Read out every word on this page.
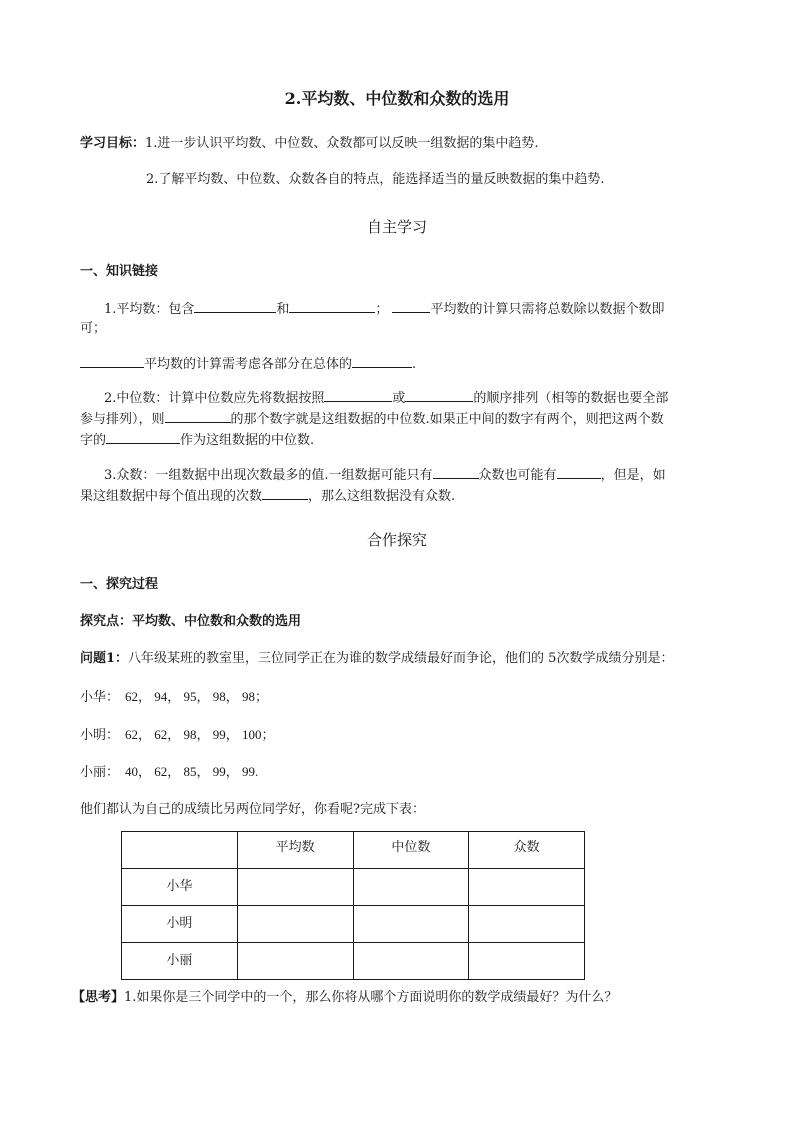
2.平均数、中位数和众数的选用
学习目标：1.进一步认识平均数、中位数、众数都可以反映一组数据的集中趋势.
2.了解平均数、中位数、众数各自的特点，能选择适当的量反映数据的集中趋势.
自主学习
一、知识链接
1.平均数：包含	和	；	平均数的计算只需将总数除以数据个数即
可；
平均数的计算需考虑各部分在总体的	.
2.中位数：计算中位数应先将数据按照	或	的顺序排列（相等的数据也要全部
参与排列），则	的那个数字就是这组数据的中位数.如果正中间的数字有两个，则把这两个数
字的	作为这组数据的中位数.
3.众数：一组数据中出现次数最多的值.一组数据可能只有	众数也可能有	，但是，如
果这组数据中每个值出现的次数	，那么这组数据没有众数.
合作探究
一、探究过程
探究点：平均数、中位数和众数的选用
问题1：八年级某班的教室里，三位同学正在为谁的数学成绩最好而争论，他们的 5次数学成绩分别是：
小华： 62， 94， 95， 98， 98；
小明： 62， 62， 98， 99， 100；
小丽： 40， 62， 85， 99， 99.
他们都认为自己的成绩比另两位同学好，你看呢?完成下表：
	平均数	中位数	众数
小华			
小明			
小丽			
【思考】1.如果你是三个同学中的一个，那么你将从哪个方面说明你的数学成绩最好？为什么？
